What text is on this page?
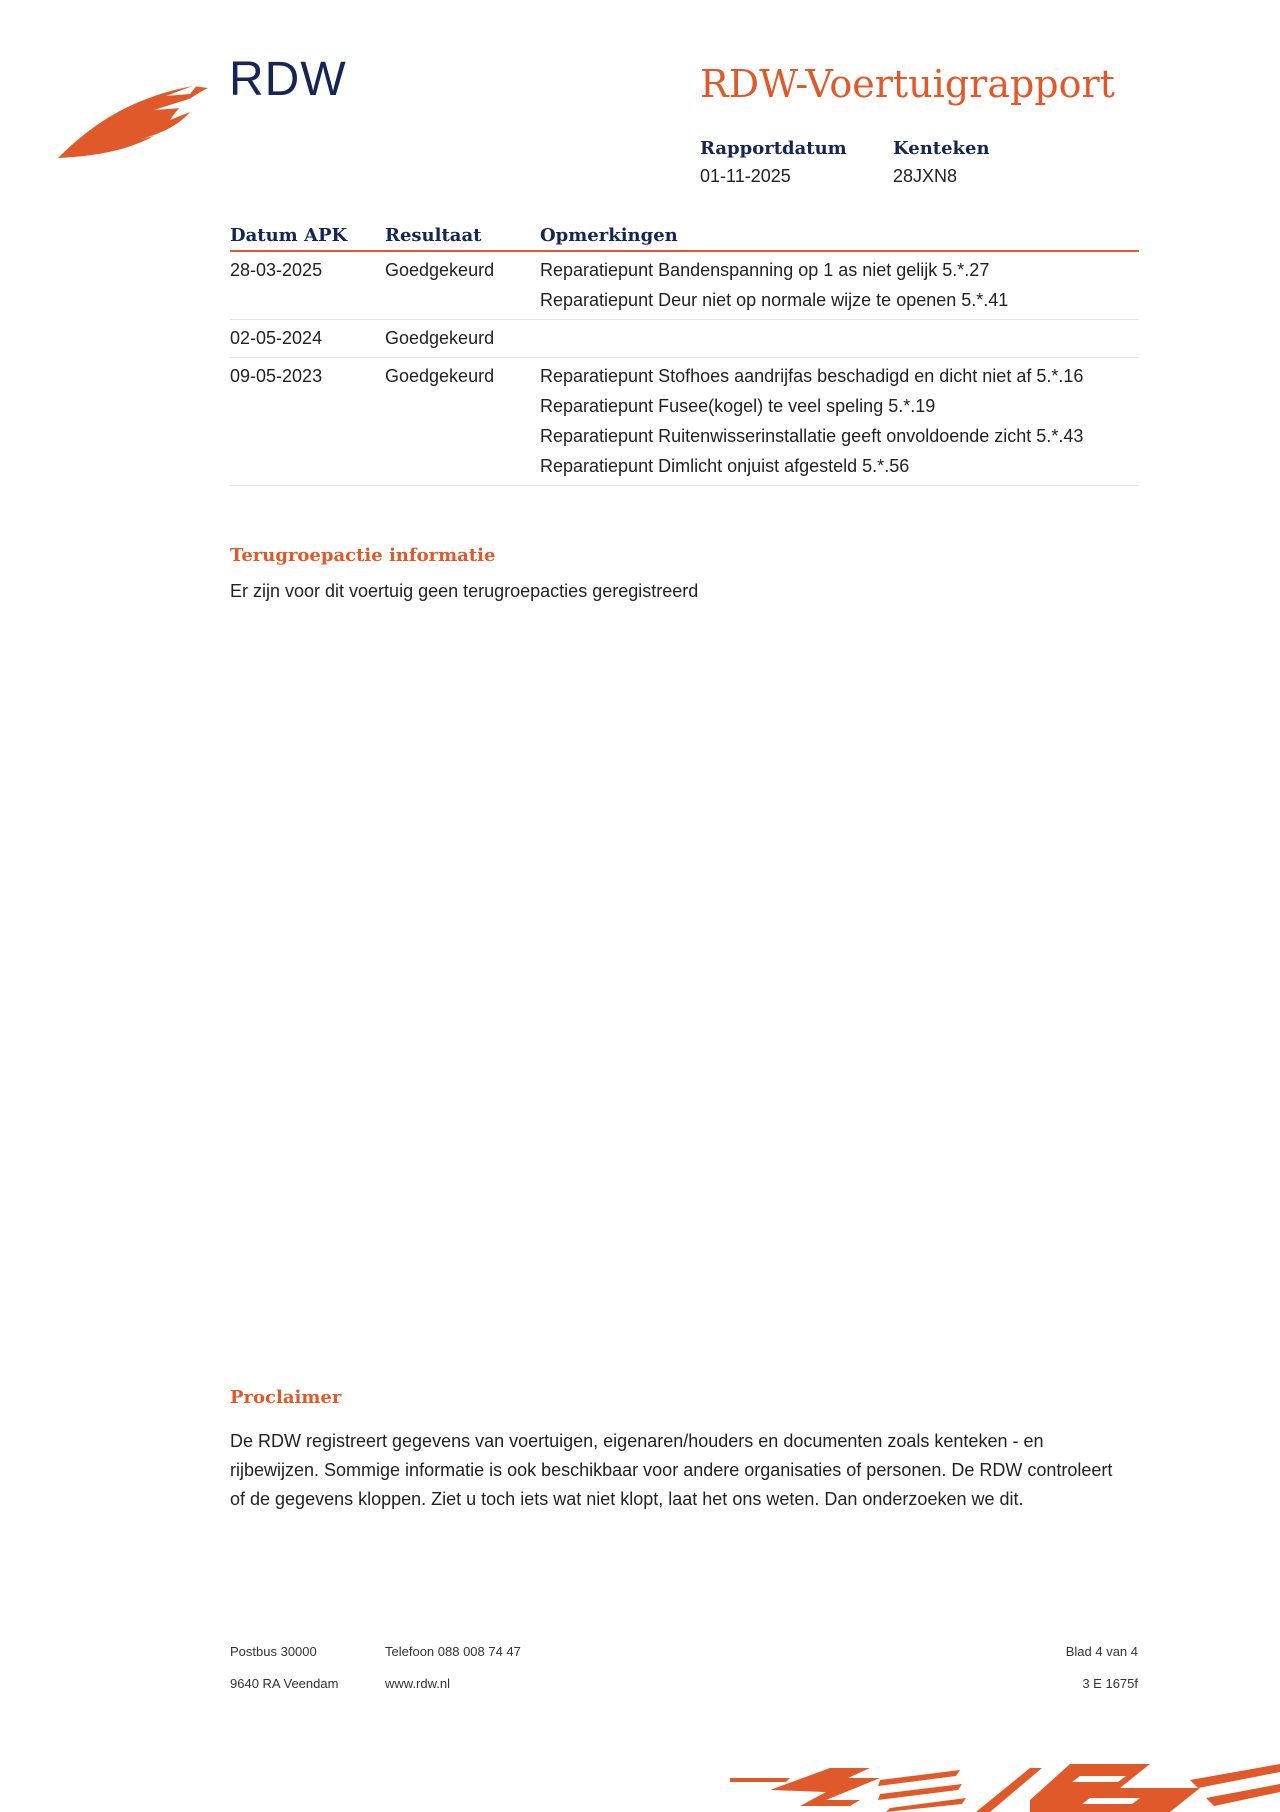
RDW	RDW-Voertuigrapport
Rapportdatum
01-11-2025
Kenteken
28JXN8
Datum APK	Resultaat	Opmerkingen
28-03-2025	Goedgekeurd	Reparatiepunt Bandenspanning op 1 as niet gelijk 5.*.27
Reparatiepunt Deur niet op normale wijze te openen 5.*.41

02-05-2024	Goedgekeurd	
09-05-2023	Goedgekeurd	Reparatiepunt Stofhoes aandrijfas beschadigd en dicht niet af 5.*.16
Reparatiepunt Fusee(kogel) te veel speling 5.*.19
Reparatiepunt Ruitenwisserinstallatie geeft onvoldoende zicht 5.*.43
Reparatiepunt Dimlicht onjuist afgesteld 5.*.56
Terugroepactie informatie
Er zijn voor dit voertuig geen terugroepacties geregistreerd
Proclaimer
De RDW registreert gegevens van voertuigen, eigenaren/houders en documenten zoals kenteken - en rijbewijzen. Sommige informatie is ook beschikbaar voor andere organisaties of personen. De RDW controleert of de gegevens kloppen. Ziet u toch iets wat niet klopt, laat het ons weten. Dan onderzoeken we dit.
Postbus 30000
9640 RA Veendam
Telefoon 088 008 74 47
www.rdw.nl
Blad 4 van 4
3 E 1675f
